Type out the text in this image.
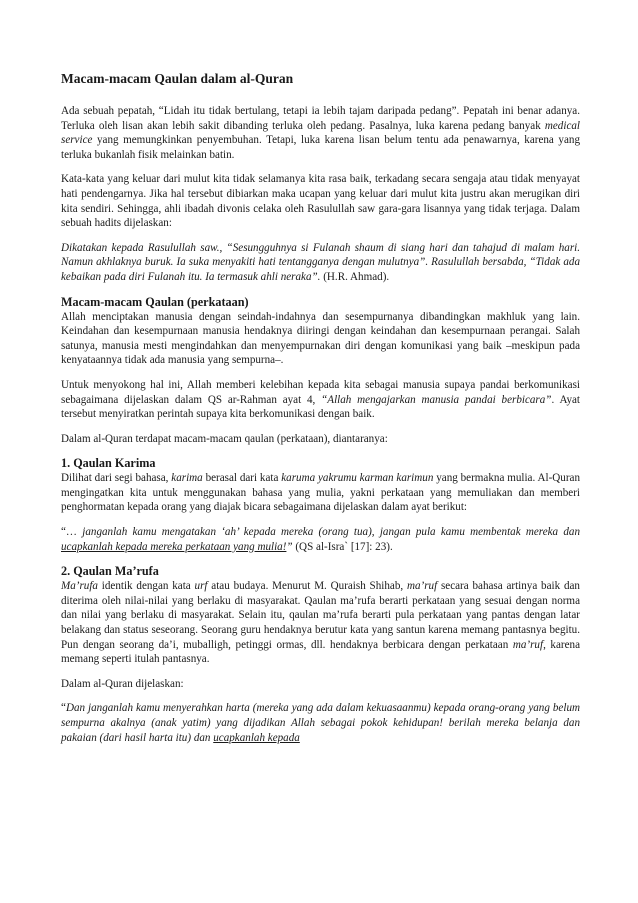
Macam-macam Qaulan dalam al-Quran

Ada sebuah pepatah, “Lidah itu tidak bertulang, tetapi ia lebih tajam daripada pedang”. Pepatah ini benar adanya. Terluka oleh lisan akan lebih sakit dibanding terluka oleh pedang. Pasalnya, luka karena pedang banyak medical service yang memungkinkan penyembuhan. Tetapi, luka karena lisan belum tentu ada penawarnya, karena yang terluka bukanlah fisik melainkan batin.

Kata-kata yang keluar dari mulut kita tidak selamanya kita rasa baik, terkadang secara sengaja atau tidak menyayat hati pendengarnya. Jika hal tersebut dibiarkan maka ucapan yang keluar dari mulut kita justru akan merugikan diri kita sendiri. Sehingga, ahli ibadah divonis celaka oleh Rasulullah saw gara-gara lisannya yang tidak terjaga. Dalam sebuah hadits dijelaskan:

Dikatakan kepada Rasulullah saw., “Sesungguhnya si Fulanah shaum di siang hari dan tahajud di malam hari. Namun akhlaknya buruk. Ia suka menyakiti hati tentangganya dengan mulutnya”. Rasulullah bersabda, “Tidak ada kebaikan pada diri Fulanah itu. Ia termasuk ahli neraka”. (H.R. Ahmad).

Macam-macam Qaulan (perkataan)

Allah menciptakan manusia dengan seindah-indahnya dan sesempurnanya dibandingkan makhluk yang lain. Keindahan dan kesempurnaan manusia hendaknya diiringi dengan keindahan dan kesempurnaan perangai. Salah satunya, manusia mesti mengindahkan dan menyempurnakan diri dengan komunikasi yang baik –meskipun pada kenyataannya tidak ada manusia yang sempurna–.

Untuk menyokong hal ini, Allah memberi kelebihan kepada kita sebagai manusia supaya pandai berkomunikasi sebagaimana dijelaskan dalam QS ar-Rahman ayat 4, “Allah mengajarkan manusia pandai berbicara”. Ayat tersebut menyiratkan perintah supaya kita berkomunikasi dengan baik.

Dalam al-Quran terdapat macam-macam qaulan (perkataan), diantaranya:

1. Qaulan Karima

Dilihat dari segi bahasa, karima berasal dari kata karuma yakrumu karman karimun yang bermakna mulia. Al-Quran mengingatkan kita untuk menggunakan bahasa yang mulia, yakni perkataan yang memuliakan dan memberi penghormatan kepada orang yang diajak bicara sebagaimana dijelaskan dalam ayat berikut:

“… janganlah kamu mengatakan ‘ah’ kepada mereka (orang tua), jangan pula kamu membentak mereka dan ucapkanlah kepada mereka perkataan yang mulia!” (QS al-Isra` [17]: 23).

2. Qaulan Ma’rufa

Ma’rufa identik dengan kata urf atau budaya. Menurut M. Quraish Shihab, ma’ruf secara bahasa artinya baik dan diterima oleh nilai-nilai yang berlaku di masyarakat. Qaulan ma’rufa berarti perkataan yang sesuai dengan norma dan nilai yang berlaku di masyarakat. Selain itu, qaulan ma’rufa berarti pula perkataan yang pantas dengan latar belakang dan status seseorang. Seorang guru hendaknya berutur kata yang santun karena memang pantasnya begitu. Pun dengan seorang da’i, muballigh, petinggi ormas, dll. hendaknya berbicara dengan perkataan ma’ruf, karena memang seperti itulah pantasnya.

Dalam al-Quran dijelaskan:

“Dan janganlah kamu menyerahkan harta (mereka yang ada dalam kekuasaanmu) kepada orang-orang yang belum sempurna akalnya (anak yatim) yang dijadikan Allah sebagai pokok kehidupan! berilah mereka belanja dan pakaian (dari hasil harta itu) dan ucapkanlah kepada
